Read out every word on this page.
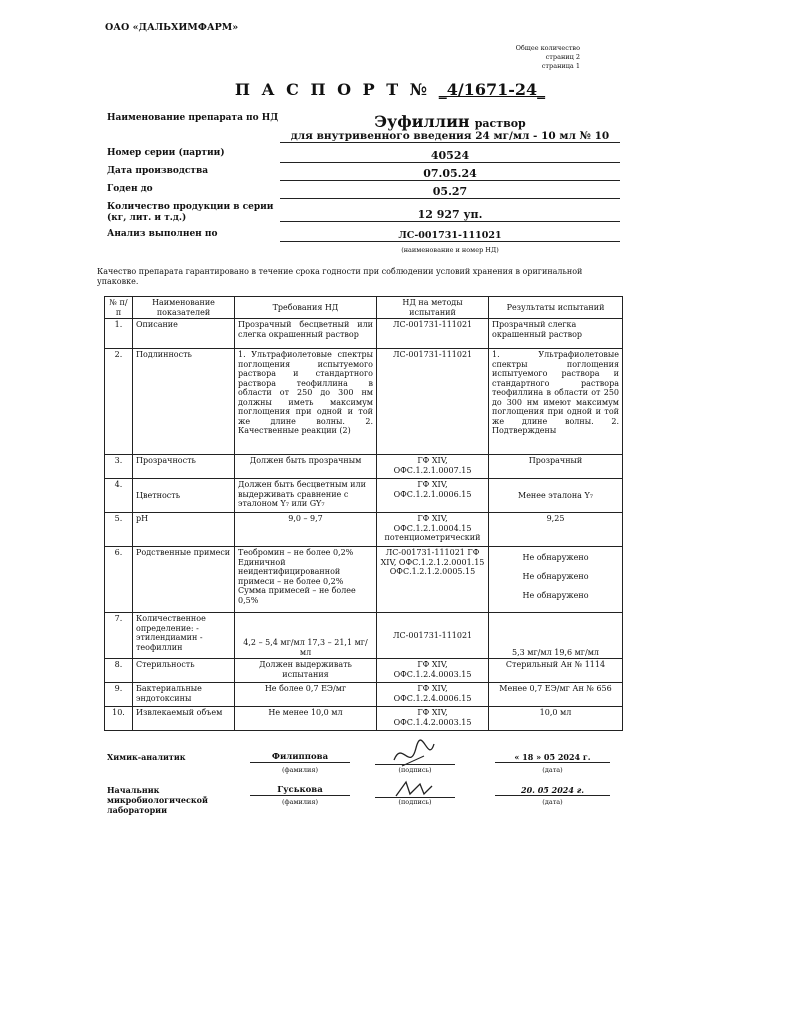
ОАО «ДАЛЬХИМФАРМ»
Общее количество страниц 2
страница 1
П А С П О Р Т № _4/1671-24_
Наименование препарата по НД	Эуфиллин раствор
для внутривенного введения 24 мг/мл - 10 мл № 10
Номер серии (партии)	40524
Дата производства	07.05.24
Годен до	05.27
Количество продукции в серии (кг, лит. и т.д.)	12 927 уп.
Анализ выполнен по	ЛС-001731-111021
(наименование и номер НД)
Качество препарата гарантировано в течение срока годности при соблюдении условий хранения в оригинальной упаковке.
№ п/п	Наименование показателей	Требования НД	НД на методы испытаний	Результаты испытаний
1.	Описание	Прозрачный бесцветный или слегка окрашенный раствор	ЛС-001731-111021	Прозрачный слегка окрашенный раствор
2.	Подлинность	1. Ультрафиолетовые спектры поглощения испытуемого раствора и стандартного раствора теофиллина в области от 250 до 300 нм должны иметь максимум поглощения при одной и той же длине волны. 2. Качественные реакции (2)	ЛС-001731-111021	1. Ультрафиолетовые спектры поглощения испытуемого раствора и стандартного раствора теофиллина в области от 250 до 300 нм имеют максимум поглощения при одной и той же длине волны. 2. Подтверждены
3.	Прозрачность	Должен быть прозрачным	ГФ XIV, ОФС.1.2.1.0007.15	Прозрачный
4.	Цветность	Должен быть бесцветным или выдерживать сравнение с эталоном Y₇ или GY₇	ГФ XIV, ОФС.1.2.1.0006.15	Менее эталона Y₇
5.	pH	9,0 – 9,7	ГФ XIV, ОФС.1.2.1.0004.15 потенциометрический	9,25
6.	Родственные примеси	Теобромин – не более 0,2% Единичной неидентифицированной примеси – не более 0,2% Сумма примесей – не более 0,5%	ЛС-001731-111021 ГФ XIV, ОФС.1.2.1.2.0001.15 ОФС.1.2.1.2.0005.15	Не обнаружено
Не обнаружено
Не обнаружено
7.	Количественное определение: - этилендиамин - теофиллин	4,2 – 5,4 мг/мл 17,3 – 21,1 мг/мл	ЛС-001731-111021	5,3 мг/мл 19,6 мг/мл
8.	Стерильность	Должен выдерживать испытания	ГФ XIV, ОФС.1.2.4.0003.15	Стерильный Ан № 1114
9.	Бактериальные эндотоксины	Не более 0,7 ЕЭ/мг	ГФ XIV, ОФС.1.2.4.0006.15	Менее 0,7 ЕЭ/мг Ан № 656
10.	Извлекаемый объем	Не менее 10,0 мл	ГФ XIV, ОФС.1.4.2.0003.15	10,0 мл
Химик-аналитик	Филиппова
(фамилия)	(подпись)
« 18 » 05 2024 г.
(дата)
Начальник микробиологической лаборатории
Гуськова
(фамилия)	(подпись)
20. 05 2024 г.
(дата)
